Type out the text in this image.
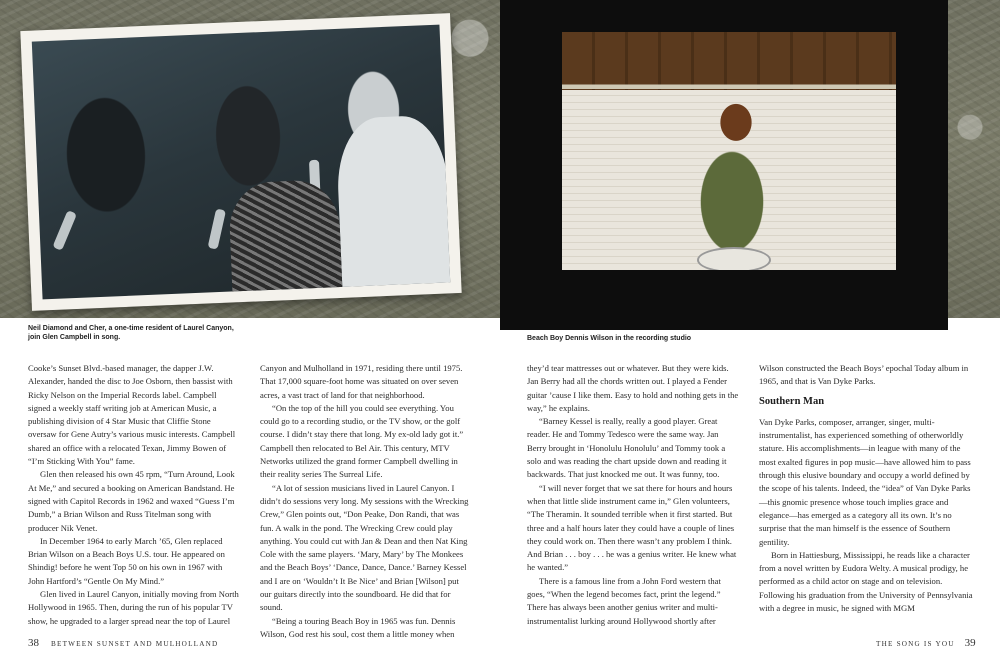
Neil Diamond and Cher, a one-time resident of Laurel Canyon, join Glen Campbell in song.	Beach Boy Dennis Wilson in the recording studio

Cooke’s Sunset Blvd.-based manager, the dapper J.W. Alexander, handed the disc to Joe Osborn, then bassist with Ricky Nelson on the Imperial Records label. Campbell signed a weekly staff writing job at American Music, a publishing division of 4 Star Music that Cliffie Stone oversaw for Gene Autry’s various music interests. Campbell shared an office with a relocated Texan, Jimmy Bowen of “I’m Sticking With You” fame.

Glen then released his own 45 rpm, “Turn Around, Look At Me,” and secured a booking on American Bandstand. He signed with Capitol Records in 1962 and waxed “Guess I’m Dumb,” a Brian Wilson and Russ Titelman song with producer Nik Venet.

In December 1964 to early March ’65, Glen replaced Brian Wilson on a Beach Boys U.S. tour. He appeared on Shindig! before he went Top 50 on his own in 1967 with John Hartford’s “Gentle On My Mind.”

Glen lived in Laurel Canyon, initially moving from North Hollywood in 1965. Then, during the run of his popular TV show, he upgraded to a larger spread near the top of Laurel

Canyon and Mulholland in 1971, residing there until 1975. That 17,000 square-foot home was situated on over seven acres, a vast tract of land for that neighborhood.

“On the top of the hill you could see everything. You could go to a recording studio, or the TV show, or the golf course. I didn’t stay there that long. My ex-old lady got it.” Campbell then relocated to Bel Air. This century, MTV Networks utilized the grand former Campbell dwelling in their reality series The Surreal Life.

“A lot of session musicians lived in Laurel Canyon. I didn’t do sessions very long. My sessions with the Wrecking Crew,” Glen points out, “Don Peake, Don Randi, that was fun. A walk in the pond. The Wrecking Crew could play anything. You could cut with Jan & Dean and then Nat King Cole with the same players. ‘Mary, Mary’ by The Monkees and the Beach Boys’ ‘Dance, Dance, Dance.’ Barney Kessel and I are on ‘Wouldn’t It Be Nice’ and Brian [Wilson] put our guitars directly into the soundboard. He did that for sound.

“Being a touring Beach Boy in 1965 was fun. Dennis Wilson, God rest his soul, cost them a little money when

they’d tear mattresses out or whatever. But they were kids. Jan Berry had all the chords written out. I played a Fender guitar ’cause I like them. Easy to hold and nothing gets in the way,” he explains.

“Barney Kessel is really, really a good player. Great reader. He and Tommy Tedesco were the same way. Jan Berry brought in ‘Honolulu Honolulu’ and Tommy took a solo and was reading the chart upside down and reading it backwards. That just knocked me out. It was funny, too.

“I will never forget that we sat there for hours and hours when that little slide instrument came in,” Glen volunteers, “The Theramin. It sounded terrible when it first started. But three and a half hours later they could have a couple of lines they could work on. Then there wasn’t any problem I think. And Brian . . . boy . . . he was a genius writer. He knew what he wanted.”

There is a famous line from a John Ford western that goes, “When the legend becomes fact, print the legend.” There has always been another genius writer and multi-instrumentalist lurking around Hollywood shortly after

Wilson constructed the Beach Boys’ epochal Today album in 1965, and that is Van Dyke Parks.

Southern Man

Van Dyke Parks, composer, arranger, singer, multi-instrumentalist, has experienced something of otherworldly stature. His accomplishments—in league with many of the most exalted figures in pop music—have allowed him to pass through this elusive boundary and occupy a world defined by the scope of his talents. Indeed, the “idea” of Van Dyke Parks—this gnomic presence whose touch implies grace and elegance—has emerged as a category all its own. It’s no surprise that the man himself is the essence of Southern gentility.

Born in Hattiesburg, Mississippi, he reads like a character from a novel written by Eudora Welty. A musical prodigy, he performed as a child actor on stage and on television. Following his graduation from the University of Pennsylvania with a degree in music, he signed with MGM

38 BETWEEN SUNSET AND MULHOLLAND	THE SONG IS YOU 39
